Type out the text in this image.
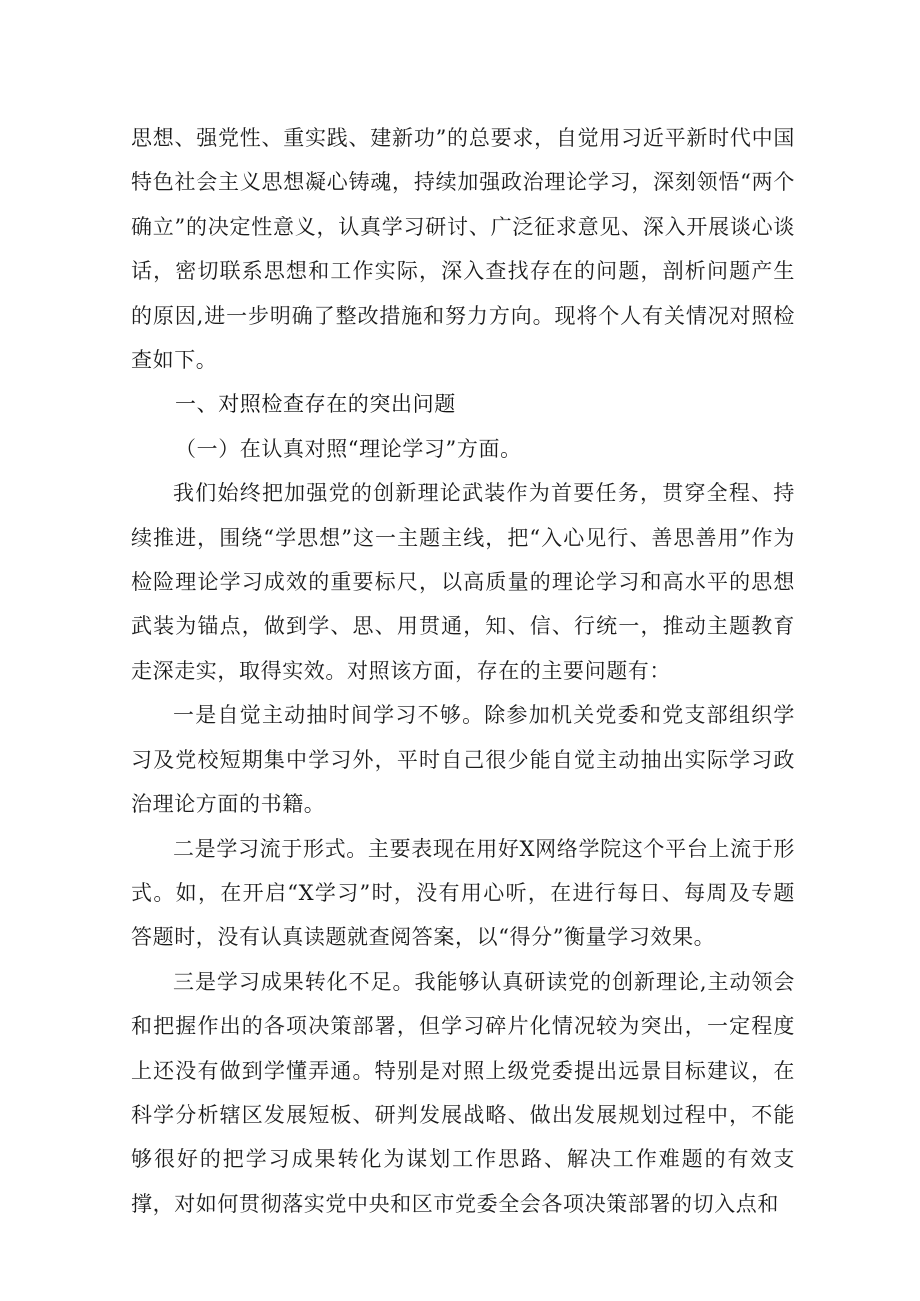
思想、强党性、重实践、建新功”的总要求，自觉用习近平新时代中国特色社会主义思想凝心铸魂，持续加强政治理论学习，深刻领悟“两个确立”的决定性意义，认真学习研讨、广泛征求意见、深入开展谈心谈话，密切联系思想和工作实际，深入查找存在的问题，剖析问题产生的原因,进一步明确了整改措施和努力方向。现将个人有关情况对照检查如下。

一、对照检查存在的突出问题

（一）在认真对照“理论学习”方面。

我们始终把加强党的创新理论武装作为首要任务，贯穿全程、持续推进，围绕“学思想”这一主题主线，把“入心见行、善思善用”作为检险理论学习成效的重要标尺，以高质量的理论学习和高水平的思想武装为锚点，做到学、思、用贯通，知、信、行统一，推动主题教育走深走实，取得实效。对照该方面，存在的主要问题有：

一是自觉主动抽时间学习不够。除参加机关党委和党支部组织学习及党校短期集中学习外，平时自己很少能自觉主动抽出实际学习政治理论方面的书籍。

二是学习流于形式。主要表现在用好X网络学院这个平台上流于形式。如，在开启“X学习”时，没有用心听，在进行每日、每周及专题答题时，没有认真读题就查阅答案，以“得分”衡量学习效果。

三是学习成果转化不足。我能够认真研读党的创新理论,主动领会和把握作出的各项决策部署，但学习碎片化情况较为突出，一定程度上还没有做到学懂弄通。特别是对照上级党委提出远景目标建议，在科学分析辖区发展短板、研判发展战略、做出发展规划过程中，不能够很好的把学习成果转化为谋划工作思路、解决工作难题的有效支撑，对如何贯彻落实党中央和区市党委全会各项决策部署的切入点和
